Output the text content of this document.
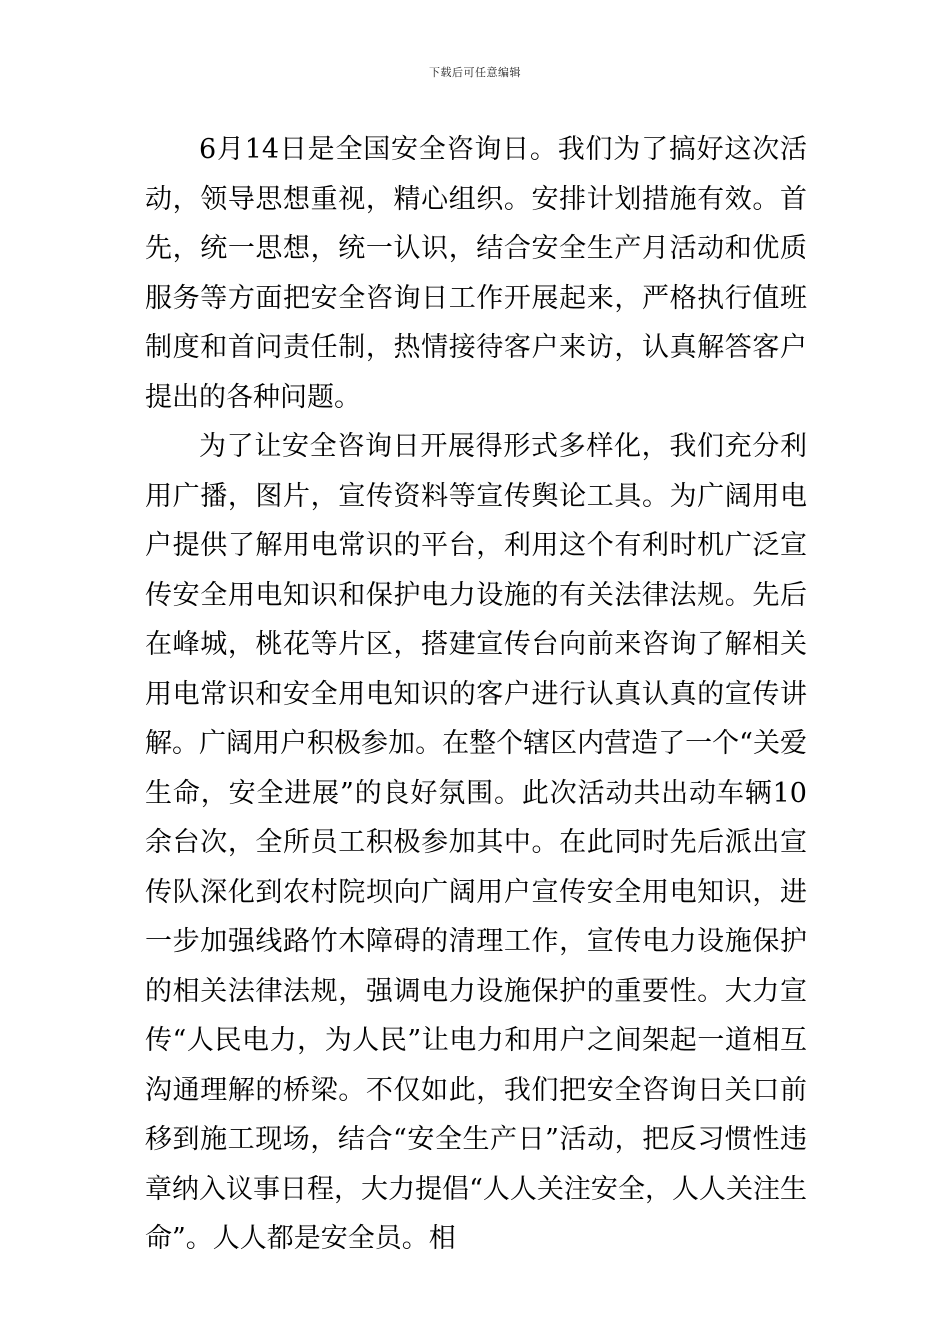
下载后可任意编辑

6月14日是全国安全咨询日。我们为了搞好这次活动，领导思想重视，精心组织。安排计划措施有效。首先，统一思想，统一认识，结合安全生产月活动和优质服务等方面把安全咨询日工作开展起来，严格执行值班制度和首问责任制，热情接待客户来访，认真解答客户提出的各种问题。

为了让安全咨询日开展得形式多样化，我们充分利用广播，图片，宣传资料等宣传舆论工具。为广阔用电户提供了解用电常识的平台，利用这个有利时机广泛宣传安全用电知识和保护电力设施的有关法律法规。先后在峰城，桃花等片区，搭建宣传台向前来咨询了解相关用电常识和安全用电知识的客户进行认真认真的宣传讲解。广阔用户积极参加。在整个辖区内营造了一个“关爱生命，安全进展”的良好氛围。此次活动共出动车辆10余台次，全所员工积极参加其中。在此同时先后派出宣传队深化到农村院坝向广阔用户宣传安全用电知识，进一步加强线路竹木障碍的清理工作，宣传电力设施保护的相关法律法规，强调电力设施保护的重要性。大力宣传“人民电力，为人民”让电力和用户之间架起一道相互沟通理解的桥梁。不仅如此，我们把安全咨询日关口前移到施工现场，结合“安全生产日”活动，把反习惯性违章纳入议事日程，大力提倡“人人关注安全，人人关注生命”。人人都是安全员。相
